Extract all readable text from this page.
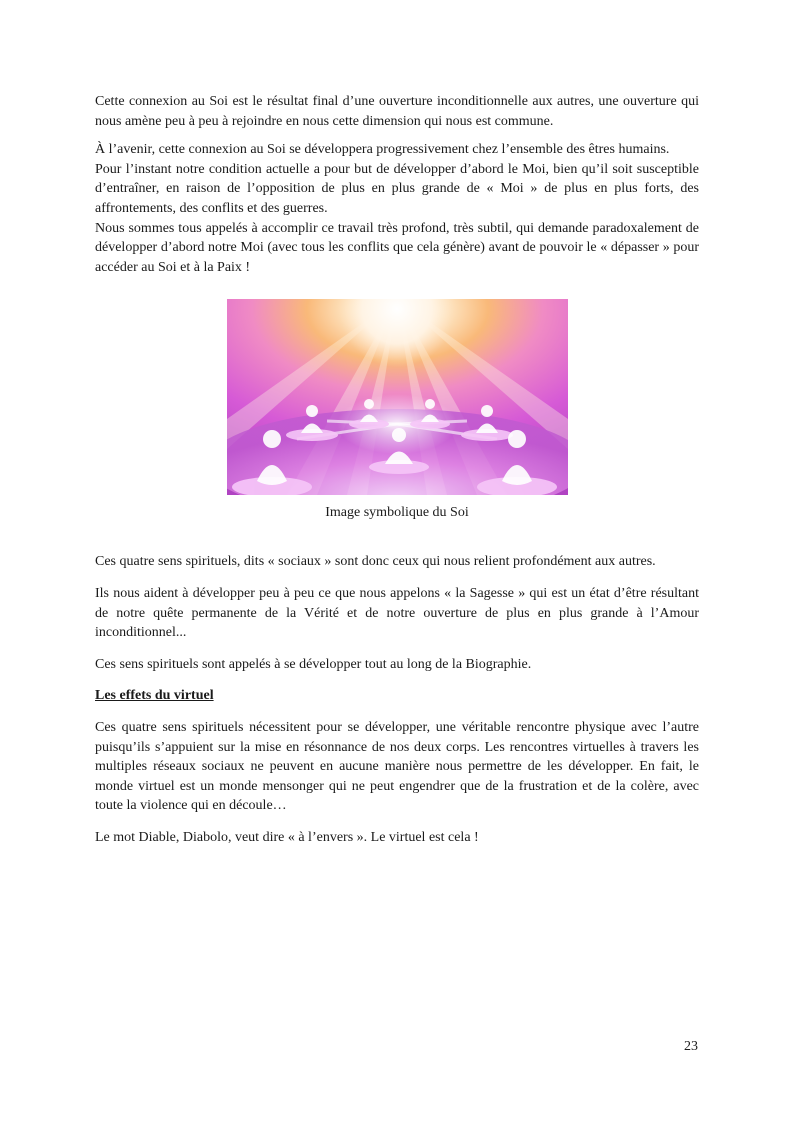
Cette connexion au Soi est le résultat final d’une ouverture inconditionnelle aux autres, une ouverture qui nous amène peu à peu à rejoindre en nous cette dimension qui nous est commune.

À l’avenir, cette connexion au Soi se développera progressivement chez l’ensemble des êtres humains.

Pour l’instant notre condition actuelle a pour but de développer d’abord le Moi, bien qu’il soit susceptible d’entraîner, en raison de l’opposition de plus en plus grande de « Moi » de plus en plus forts, des affrontements, des conflits et des guerres.

Nous sommes tous appelés à accomplir ce travail très profond, très subtil, qui demande paradoxalement de développer d’abord notre Moi (avec tous les conflits que cela génère) avant de pouvoir le « dépasser » pour accéder au Soi et à la Paix !

Image symbolique du Soi

Ces quatre sens spirituels, dits « sociaux » sont donc ceux qui nous relient profondément aux autres.

Ils nous aident à développer peu à peu ce que nous appelons « la Sagesse » qui est un état d’être résultant de notre quête permanente de la Vérité et de notre ouverture de plus en plus grande à l’Amour inconditionnel...

Ces sens spirituels sont appelés à se développer tout au long de la Biographie.

Les effets du virtuel

Ces quatre sens spirituels nécessitent pour se développer, une véritable rencontre physique avec l’autre puisqu’ils s’appuient sur la mise en résonnance de nos deux corps. Les rencontres virtuelles à travers les multiples réseaux sociaux ne peuvent en aucune manière nous permettre de les développer. En fait, le monde virtuel est un monde mensonger qui ne peut engendrer que de la frustration et de la colère, avec toute la violence qui en découle…

Le mot Diable, Diabolo, veut dire « à l’envers ». Le virtuel est cela !

23
